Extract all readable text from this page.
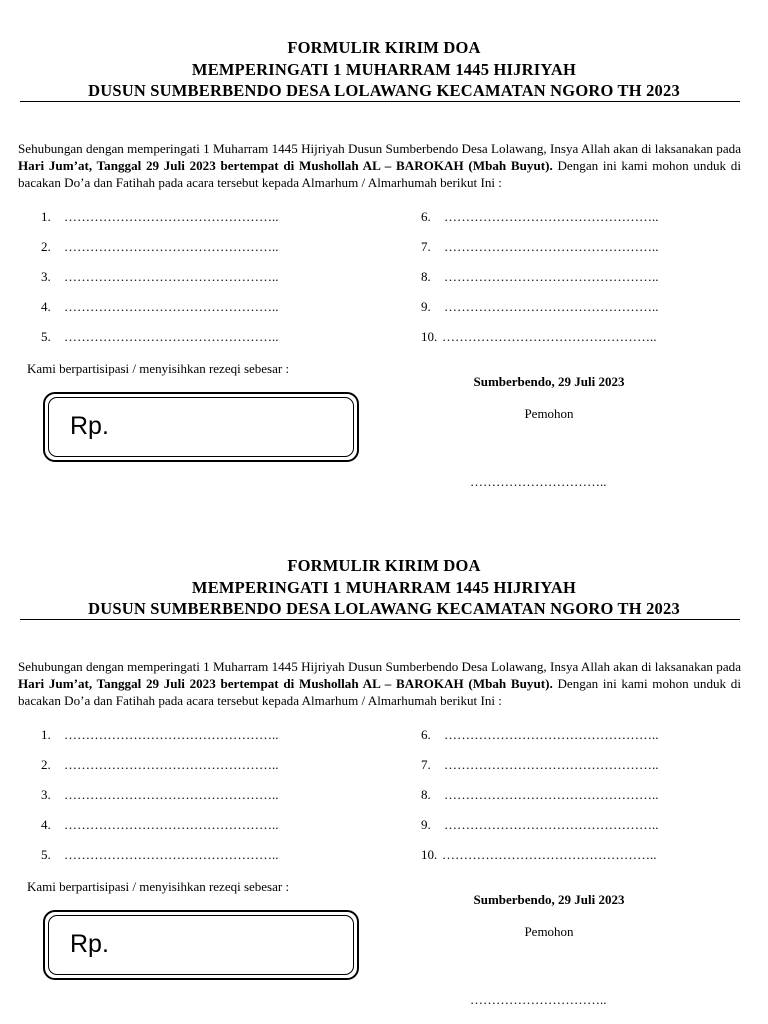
FORMULIR KIRIM DOA
MEMPERINGATI 1 MUHARRAM 1445 HIJRIYAH
DUSUN SUMBERBENDO DESA LOLAWANG KECAMATAN NGORO TH 2023

Sehubungan dengan memperingati 1 Muharram 1445 Hijriyah Dusun Sumberbendo Desa Lolawang, Insya Allah akan di laksanakan pada Hari Jum’at, Tanggal 29 Juli 2023 bertempat di Mushollah AL – BAROKAH (Mbah Buyut). Dengan ini kami mohon unduk di bacakan Do’a dan Fatihah pada acara tersebut kepada Almarhum / Almarhumah berikut Ini :

1. …………………………………………..
2. …………………………………………..
3. …………………………………………..
4. …………………………………………..
5. …………………………………………..
6. …………………………………………..
7. …………………………………………..
8. …………………………………………..
9. …………………………………………..
10. …………………………………………..
Kami berpartisipasi / menyisihkan rezeqi sebesar :
Rp.
Sumberbendo, 29 Juli 2023
Pemohon
…………………………..
FORMULIR KIRIM DOA
MEMPERINGATI 1 MUHARRAM 1445 HIJRIYAH
DUSUN SUMBERBENDO DESA LOLAWANG KECAMATAN NGORO TH 2023

Sehubungan dengan memperingati 1 Muharram 1445 Hijriyah Dusun Sumberbendo Desa Lolawang, Insya Allah akan di laksanakan pada Hari Jum’at, Tanggal 29 Juli 2023 bertempat di Mushollah AL – BAROKAH (Mbah Buyut). Dengan ini kami mohon unduk di bacakan Do’a dan Fatihah pada acara tersebut kepada Almarhum / Almarhumah berikut Ini :

1. …………………………………………..
2. …………………………………………..
3. …………………………………………..
4. …………………………………………..
5. …………………………………………..
6. …………………………………………..
7. …………………………………………..
8. …………………………………………..
9. …………………………………………..
10. …………………………………………..
Kami berpartisipasi / menyisihkan rezeqi sebesar :
Rp.
Sumberbendo, 29 Juli 2023
Pemohon
…………………………..
